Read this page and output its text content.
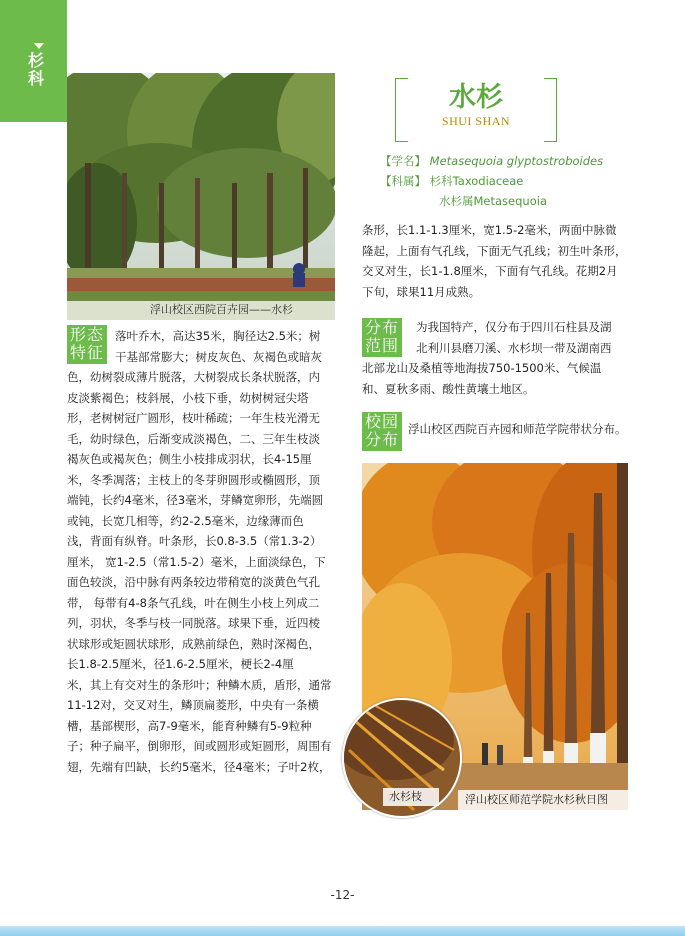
杉
科
浮山校区西院百卉园——水杉
水杉
SHUI SHAN
【学名】 Metasequoia glyptostroboides
【科属】 杉科Taxodiaceae
水杉属Metasequoia
条形，长1.1-1.3厘米，宽1.5-2毫米，两面中脉微
隆起，上面有气孔线，下面无气孔线；初生叶条形，
交叉对生，长1-1.8厘米，下面有气孔线。花期2月
下旬，球果11月成熟。
分布
范围
为我国特产，仅分布于四川石柱县及湖
北利川县磨刀溪、水杉坝一带及湖南西
北部龙山及桑植等地海拔750-1500米、气候温
和、夏秋多雨、酸性黄壤土地区。
校园
分布
浮山校区西院百卉园和师范学院带状分布。
形态
特征
落叶乔木，高达35米，胸径达2.5米；树
干基部常膨大；树皮灰色、灰褐色或暗灰
色，幼树裂成薄片脱落，大树裂成长条状脱落，内
皮淡紫褐色；枝斜展，小枝下垂，幼树树冠尖塔
形，老树树冠广圆形，枝叶稀疏；一年生枝光滑无
毛，幼时绿色，后渐变成淡褐色，二、三年生枝淡
褐灰色或褐灰色；侧生小枝排成羽状，长4-15厘
米，冬季凋落；主枝上的冬芽卵圆形或椭圆形，顶
端钝，长约4毫米，径3毫米，芽鳞宽卵形，先端圆
或钝，长宽几相等，约2-2.5毫米，边缘薄而色
浅，背面有纵脊。叶条形，长0.8-3.5（常1.3-2）
厘米， 宽1-2.5（常1.5-2）毫米，上面淡绿色，下
面色较淡，沿中脉有两条较边带稍宽的淡黄色气孔
带， 每带有4-8条气孔线，叶在侧生小枝上列成二
列，羽状，冬季与枝一同脱落。球果下垂，近四棱
状球形或矩圆状球形，成熟前绿色，熟时深褐色，
长1.8-2.5厘米，径1.6-2.5厘米，梗长2-4厘
米，其上有交对生的条形叶；种鳞木质，盾形，通常
11-12对，交叉对生，鳞顶扁菱形，中央有一条横
槽，基部楔形，高7-9毫米，能育种鳞有5-9粒种
子；种子扁平，倒卵形，间或圆形或矩圆形，周围有
翅，先端有凹缺，长约5毫米，径4毫米；子叶2枚，
水杉枝	浮山校区师范学院水杉秋日图
-12-
